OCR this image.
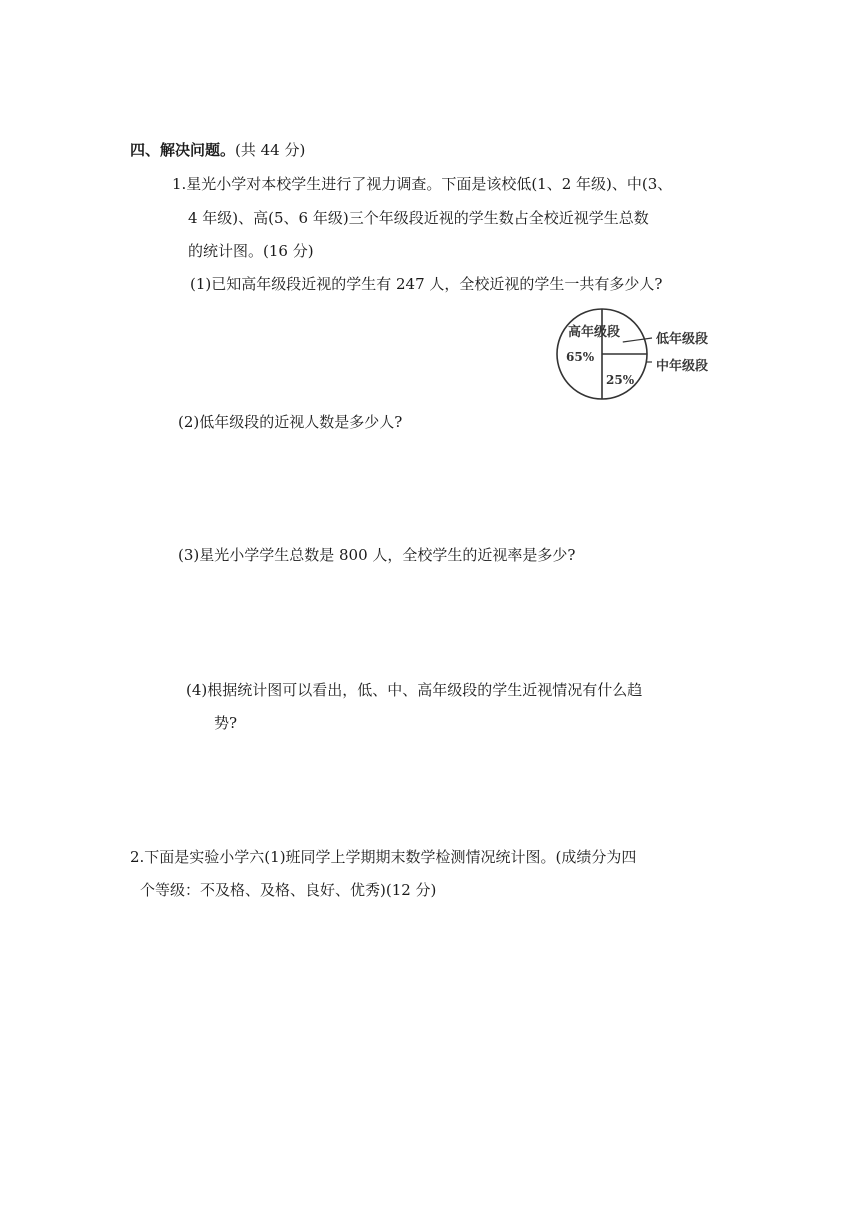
四、解决问题。(共 44 分)
1.星光小学对本校学生进行了视力调查。下面是该校低(1、2 年级)、中(3、
4 年级)、高(5、6 年级)三个年级段近视的学生数占全校近视学生总数
的统计图。(16 分)
(1)已知高年级段近视的学生有 247 人，全校近视的学生一共有多少人?
高年级段
65%
25%
低年级段
中年级段
(2)低年级段的近视人数是多少人?
(3)星光小学学生总数是 800 人，全校学生的近视率是多少?
(4)根据统计图可以看出，低、中、高年级段的学生近视情况有什么趋
势?
2.下面是实验小学六(1)班同学上学期期末数学检测情况统计图。(成绩分为四
个等级：不及格、及格、良好、优秀)(12 分)
